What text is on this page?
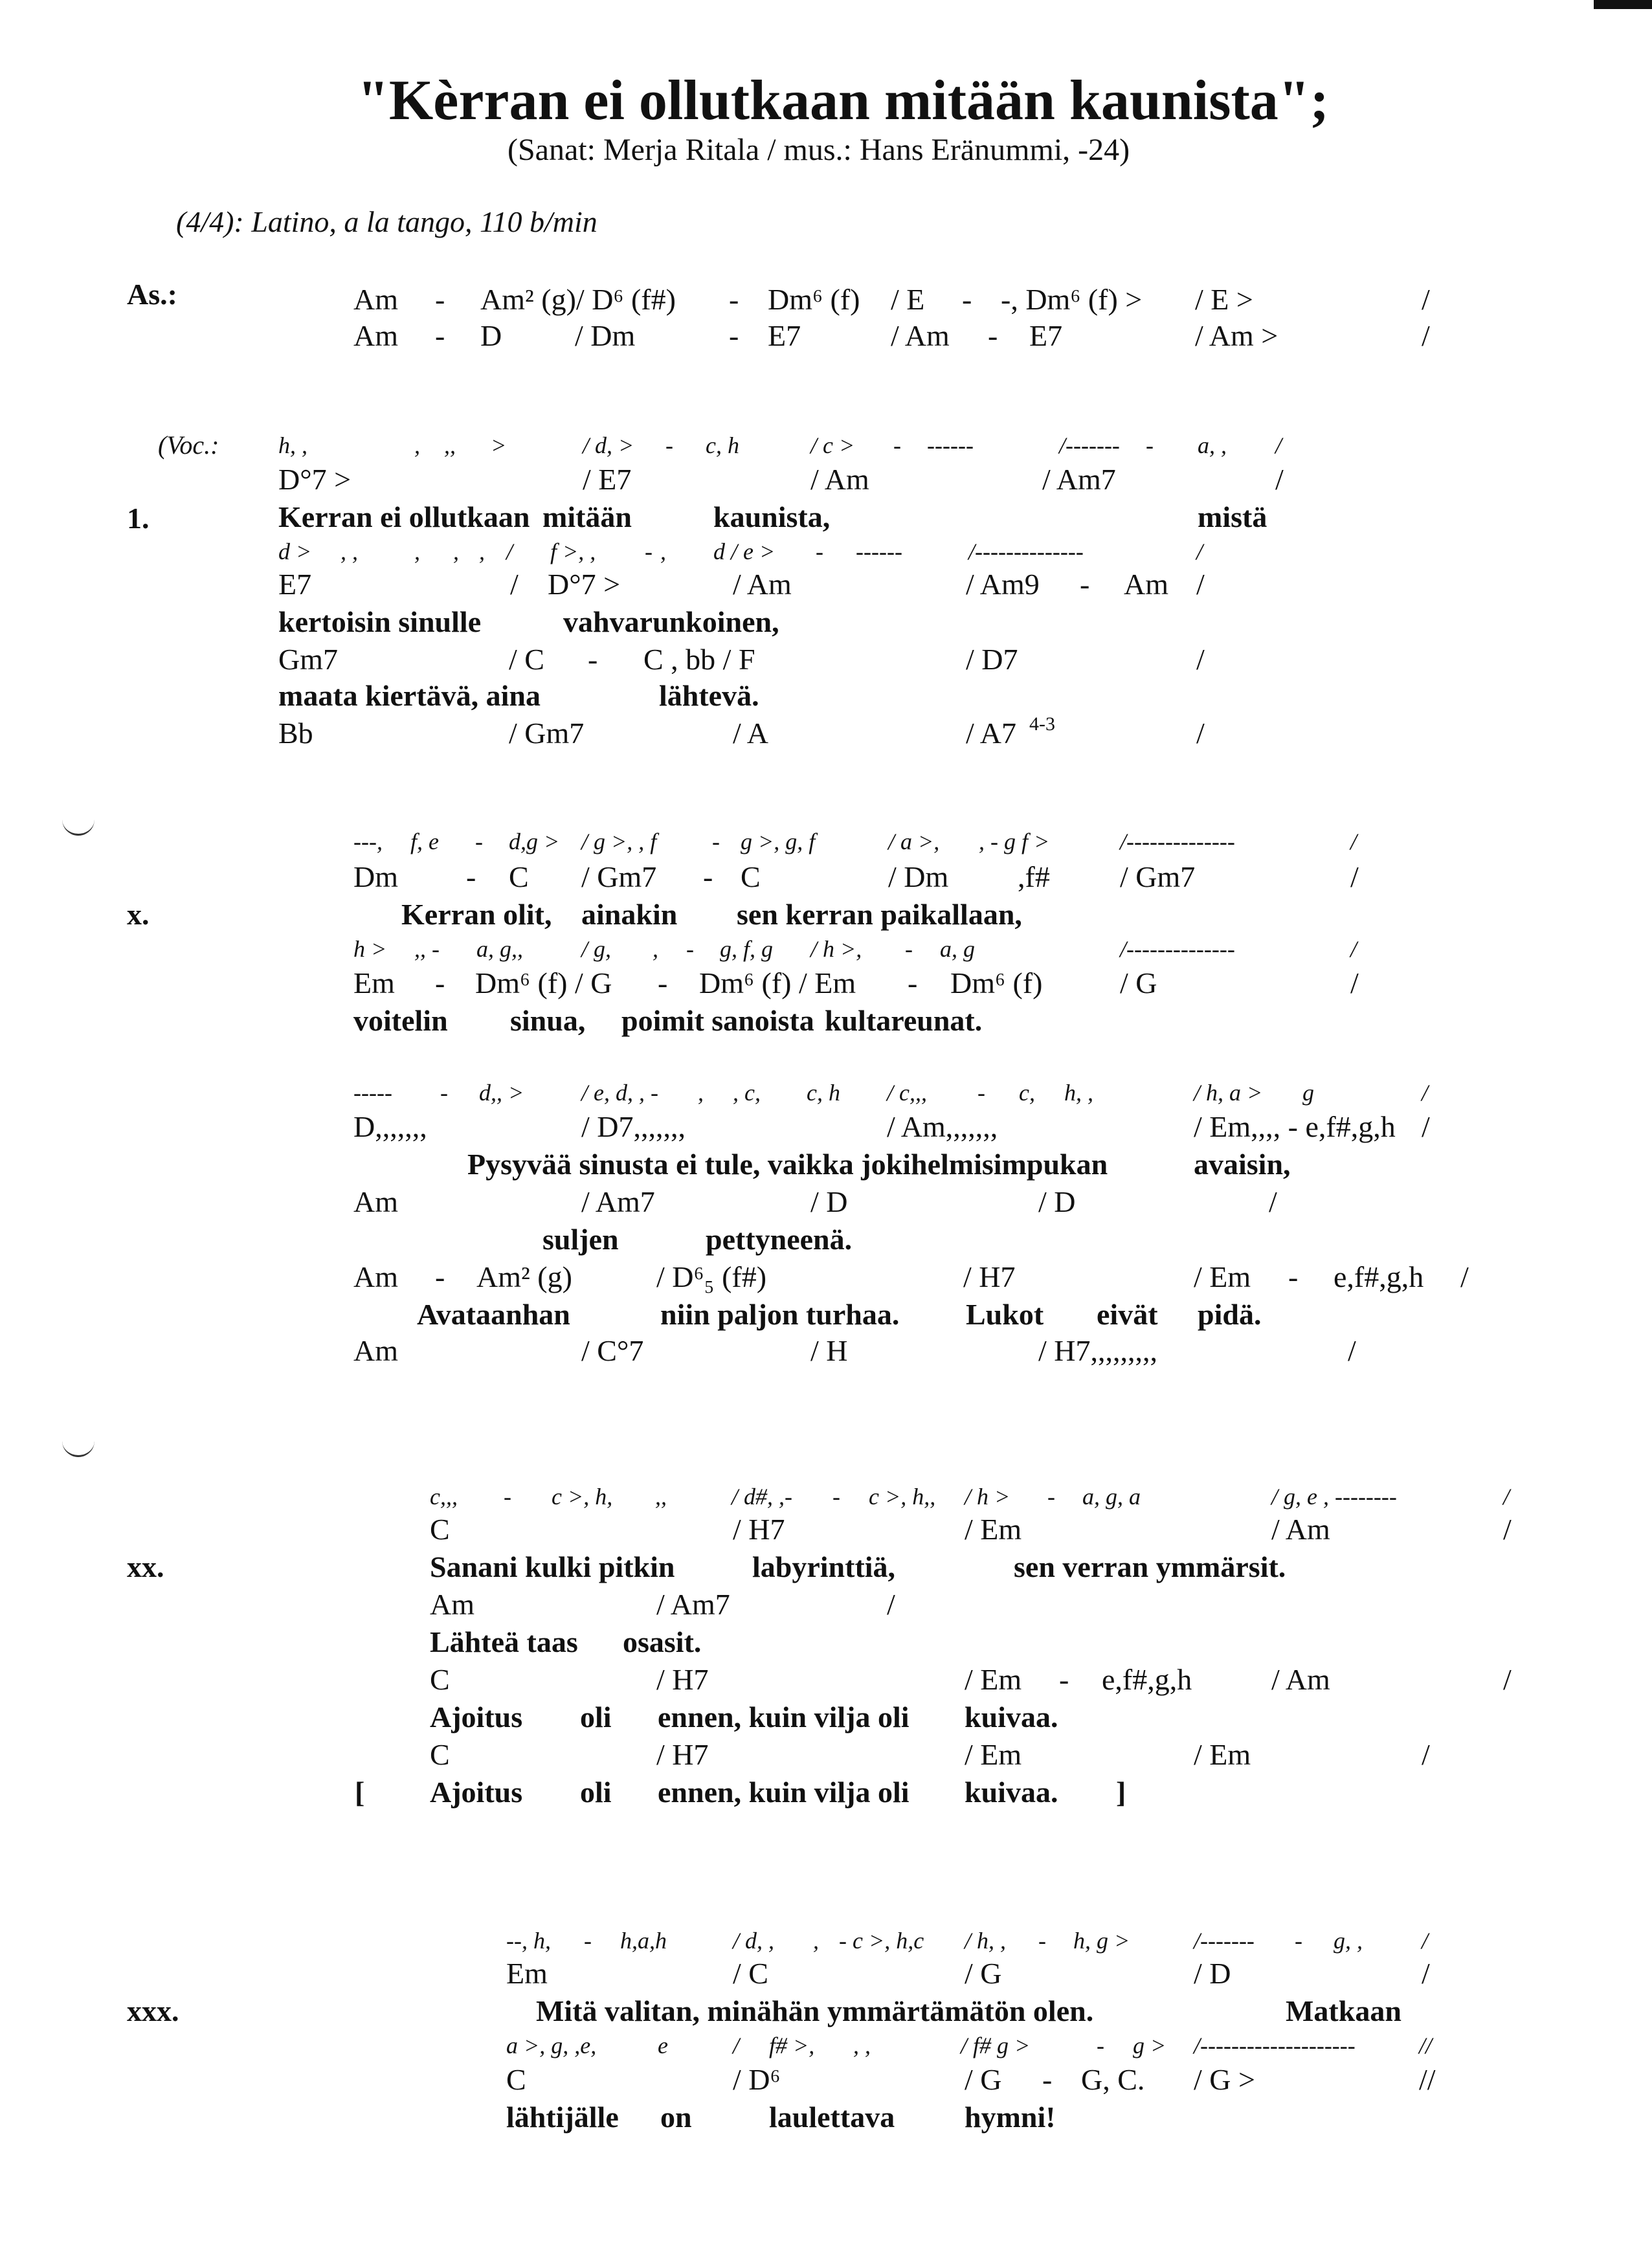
"Kèrran ei ollutkaan mitään kaunista";
(Sanat: Merja Ritala / mus.: Hans Eränummi, -24)
(4/4): Latino, a la tango, 110 b/min
As.:	Am - Am² (g)/ D⁶ (f#) - Dm⁶ (f) / E - -, Dm⁶ (f) > / E >	/
Am - D / Dm	- E7	/ Am - E7	/ Am >	/
(Voc.:
1.
h, ,	, ,, >	/ d, > - c, h	/ c > - ------	/------- - a, , /
D°7 >	/ E7	/ Am	/ Am7	/
Kerran ei ollutkaan mitään	kaunista,	mistä
d > , , , , , / f >, , - , d / e > - ------	/--------------	/
E7	/ D°7 >	/ Am	/ Am9 - Am /
kertoisin sinulle	vahvarunkoinen,
Gm7	/ C - C , bb / F	/ D7	/
maata kiertävä, aina	lähtevä.
Bb	/ Gm7	/ A	/ A7 4-3	/
x.
---, f, e - d,g > / g >, , f - g >, g, f	/ a >, , - g f >	/--------------	/
Dm - C / Gm7 - C	/ Dm ,f# / Gm7	/
Kerran olit, ainakin sen kerran paikallaan,
h > ,, - a, g,,	/ g, , - g, f, g / h >, - a, g	/--------------	/
Em - Dm⁶ (f) / G - Dm⁶ (f) / Em - Dm⁶ (f)	/ G	/
voitelin sinua, poimit sanoista kultareunat.
----- - d,, > / e, d, , - , , c, c, h / c,,, - c, h, ,	/ h, a > g	/
D,,,,,,,	/ D7,,,,,,,	/ Am,,,,,,,	/ Em,,,, - e,f#,g,h /
Pysyvää sinusta ei tule, vaikka jokihelmisimpukan	avaisin,
Am	/ Am7	/ D	/ D	/
suljen	pettyneenä.
Am - Am² (g)	/ D⁶₅ (f#)	/ H7	/ Em - e,f#,g,h /
Avataanhan	niin paljon turhaa. Lukot eivät pidä.
Am	/ C°7	/ H	/ H7,,,,,,,,,	/
xx.
c,,, - c >, h, ,,	/ d#, ,- - c >, h,, / h > - a, g, a	/ g, e , --------	/
C	/ H7	/ Em	/ Am	/
Sanani kulki pitkin	labyrinttiä,	sen verran ymmärsit.
Am	/ Am7	/
Lähteä taas osasit.
C	/ H7	/ Em - e,f#,g,h	/ Am	/
Ajoitus oli ennen, kuin vilja oli kuivaa.
C	/ H7	/ Em	/ Em	/
[ Ajoitus oli ennen, kuin vilja oli kuivaa. ]
xxx.
--, h, - h,a,h	/ d, , , - c >, h,c / h, , - h, g >	/------- - g, ,	/
Em	/ C	/ G	/ D	/
Mitä valitan, minähän ymmärtämätön olen.	Matkaan
a >, g, ,e,	e	/ f# >, , ,	/ f# g >	- g > /--------------------	//
C	/ D⁶	/ G - G, C. / G >	//
lähtijälle on	laulettava hymni!
